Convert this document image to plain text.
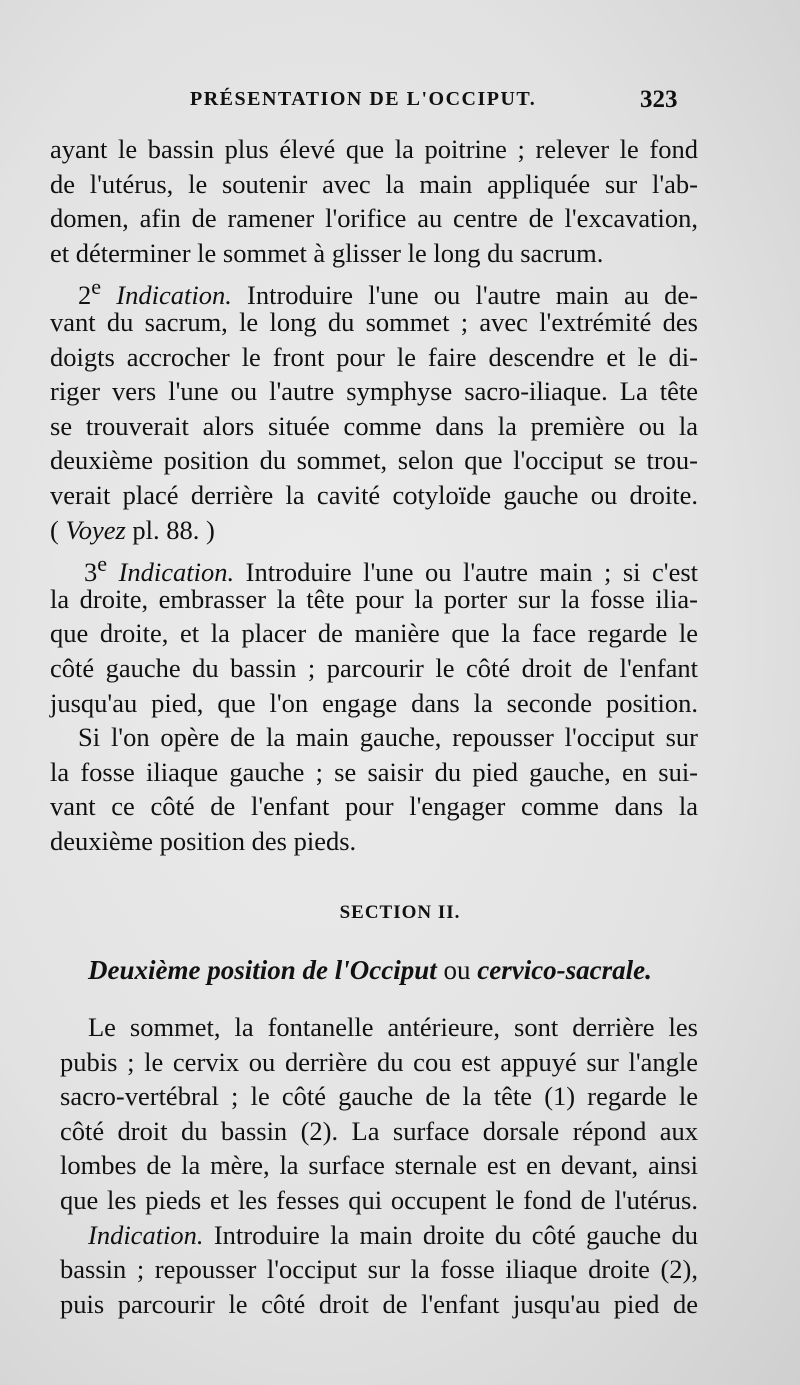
PRÉSENTATION DE L'OCCIPUT.	323
ayant le bassin plus élevé que la poitrine ; relever le fond
de l'utérus, le soutenir avec la main appliquée sur l'ab-
domen, afin de ramener l'orifice au centre de l'excavation,
et déterminer le sommet à glisser le long du sacrum.
2e Indication. Introduire l'une ou l'autre main au de-
vant du sacrum, le long du sommet ; avec l'extrémité des
doigts accrocher le front pour le faire descendre et le di-
riger vers l'une ou l'autre symphyse sacro-iliaque. La tête
se trouverait alors située comme dans la première ou la
deuxième position du sommet, selon que l'occiput se trou-
verait placé derrière la cavité cotyloïde gauche ou droite.
( Voyez pl. 88. )
3e Indication. Introduire l'une ou l'autre main ; si c'est
la droite, embrasser la tête pour la porter sur la fosse ilia-
que droite, et la placer de manière que la face regarde le
côté gauche du bassin ; parcourir le côté droit de l'enfant
jusqu'au pied, que l'on engage dans la seconde position.
Si l'on opère de la main gauche, repousser l'occiput sur
la fosse iliaque gauche ; se saisir du pied gauche, en sui-
vant ce côté de l'enfant pour l'engager comme dans la
deuxième position des pieds.
SECTION II.
Deuxième position de l'Occiput ou cervico-sacrale.
Le sommet, la fontanelle antérieure, sont derrière les
pubis ; le cervix ou derrière du cou est appuyé sur l'angle
sacro-vertébral ; le côté gauche de la tête (1) regarde le
côté droit du bassin (2). La surface dorsale répond aux
lombes de la mère, la surface sternale est en devant, ainsi
que les pieds et les fesses qui occupent le fond de l'utérus.
Indication. Introduire la main droite du côté gauche du
bassin ; repousser l'occiput sur la fosse iliaque droite (2),
puis parcourir le côté droit de l'enfant jusqu'au pied de
